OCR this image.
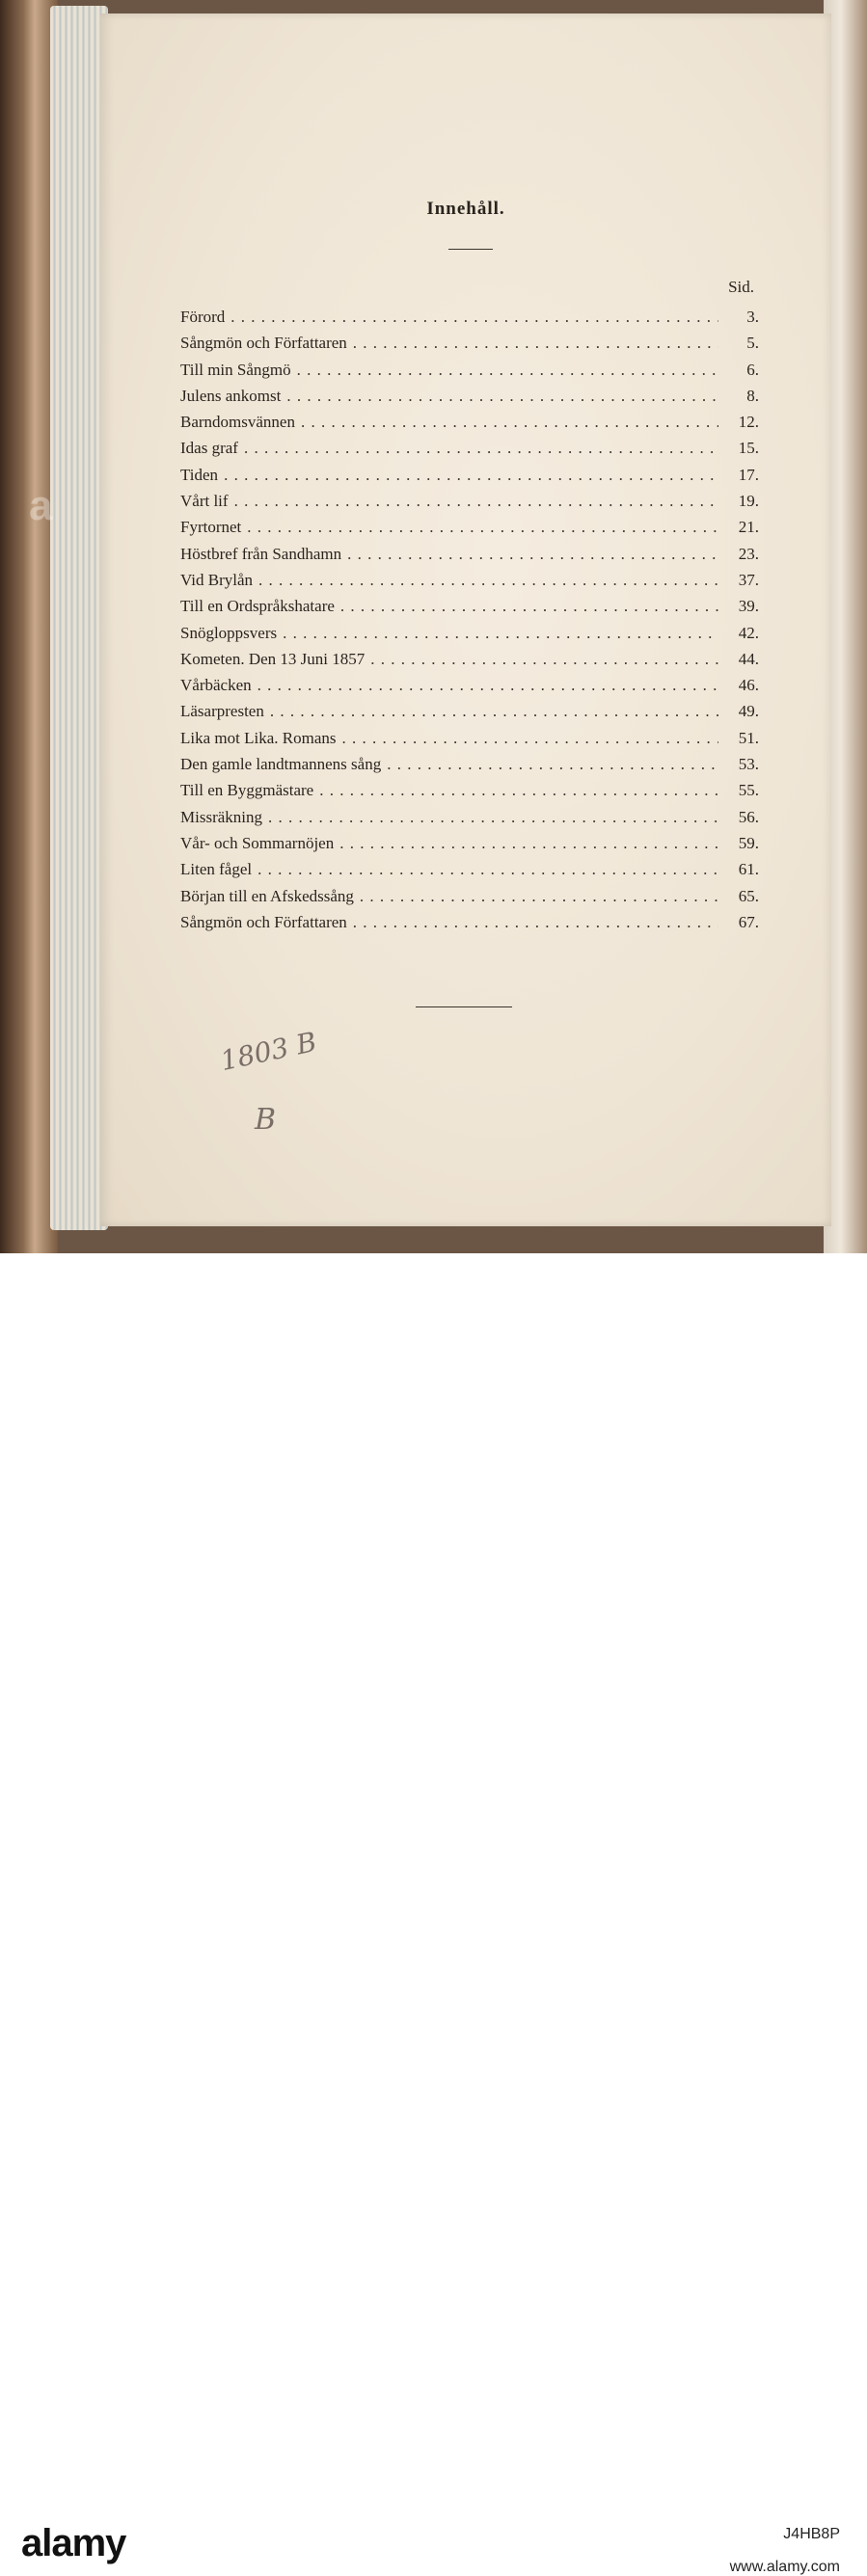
a
Innehåll.
Sid.
Förord . . .	3.
Sångmön och Författaren . . .	5.
Till min Sångmö . . .	6.
Julens ankomst . . .	8.
Barndomsvännen . . .	12.
Idas graf . . .	15.
Tiden . . .	17.
Vårt lif . . .	19.
Fyrtornet . . .	21.
Höstbref från Sandhamn . . .	23.
Vid Brylån . . .	37.
Till en Ordspråkshatare . . .	39.
Snögloppsvers . . .	42.
Kometen. Den 13 Juni 1857 . . .	44.
Vårbäcken . . .	46.
Läsarpresten . . .	49.
Lika mot Lika. Romans . . .	51.
Den gamle landtmannens sång . . .	53.
Till en Byggmästare . . .	55.
Missräkning . . .	56.
Vår- och Sommarnöjen . . .	59.
Liten fågel . . .	61.
Början till en Afskedssång . . .	65.
Sångmön och Författaren . . .	67.
1803 B
B
alamy	J4HB8P
www.alamy.com
